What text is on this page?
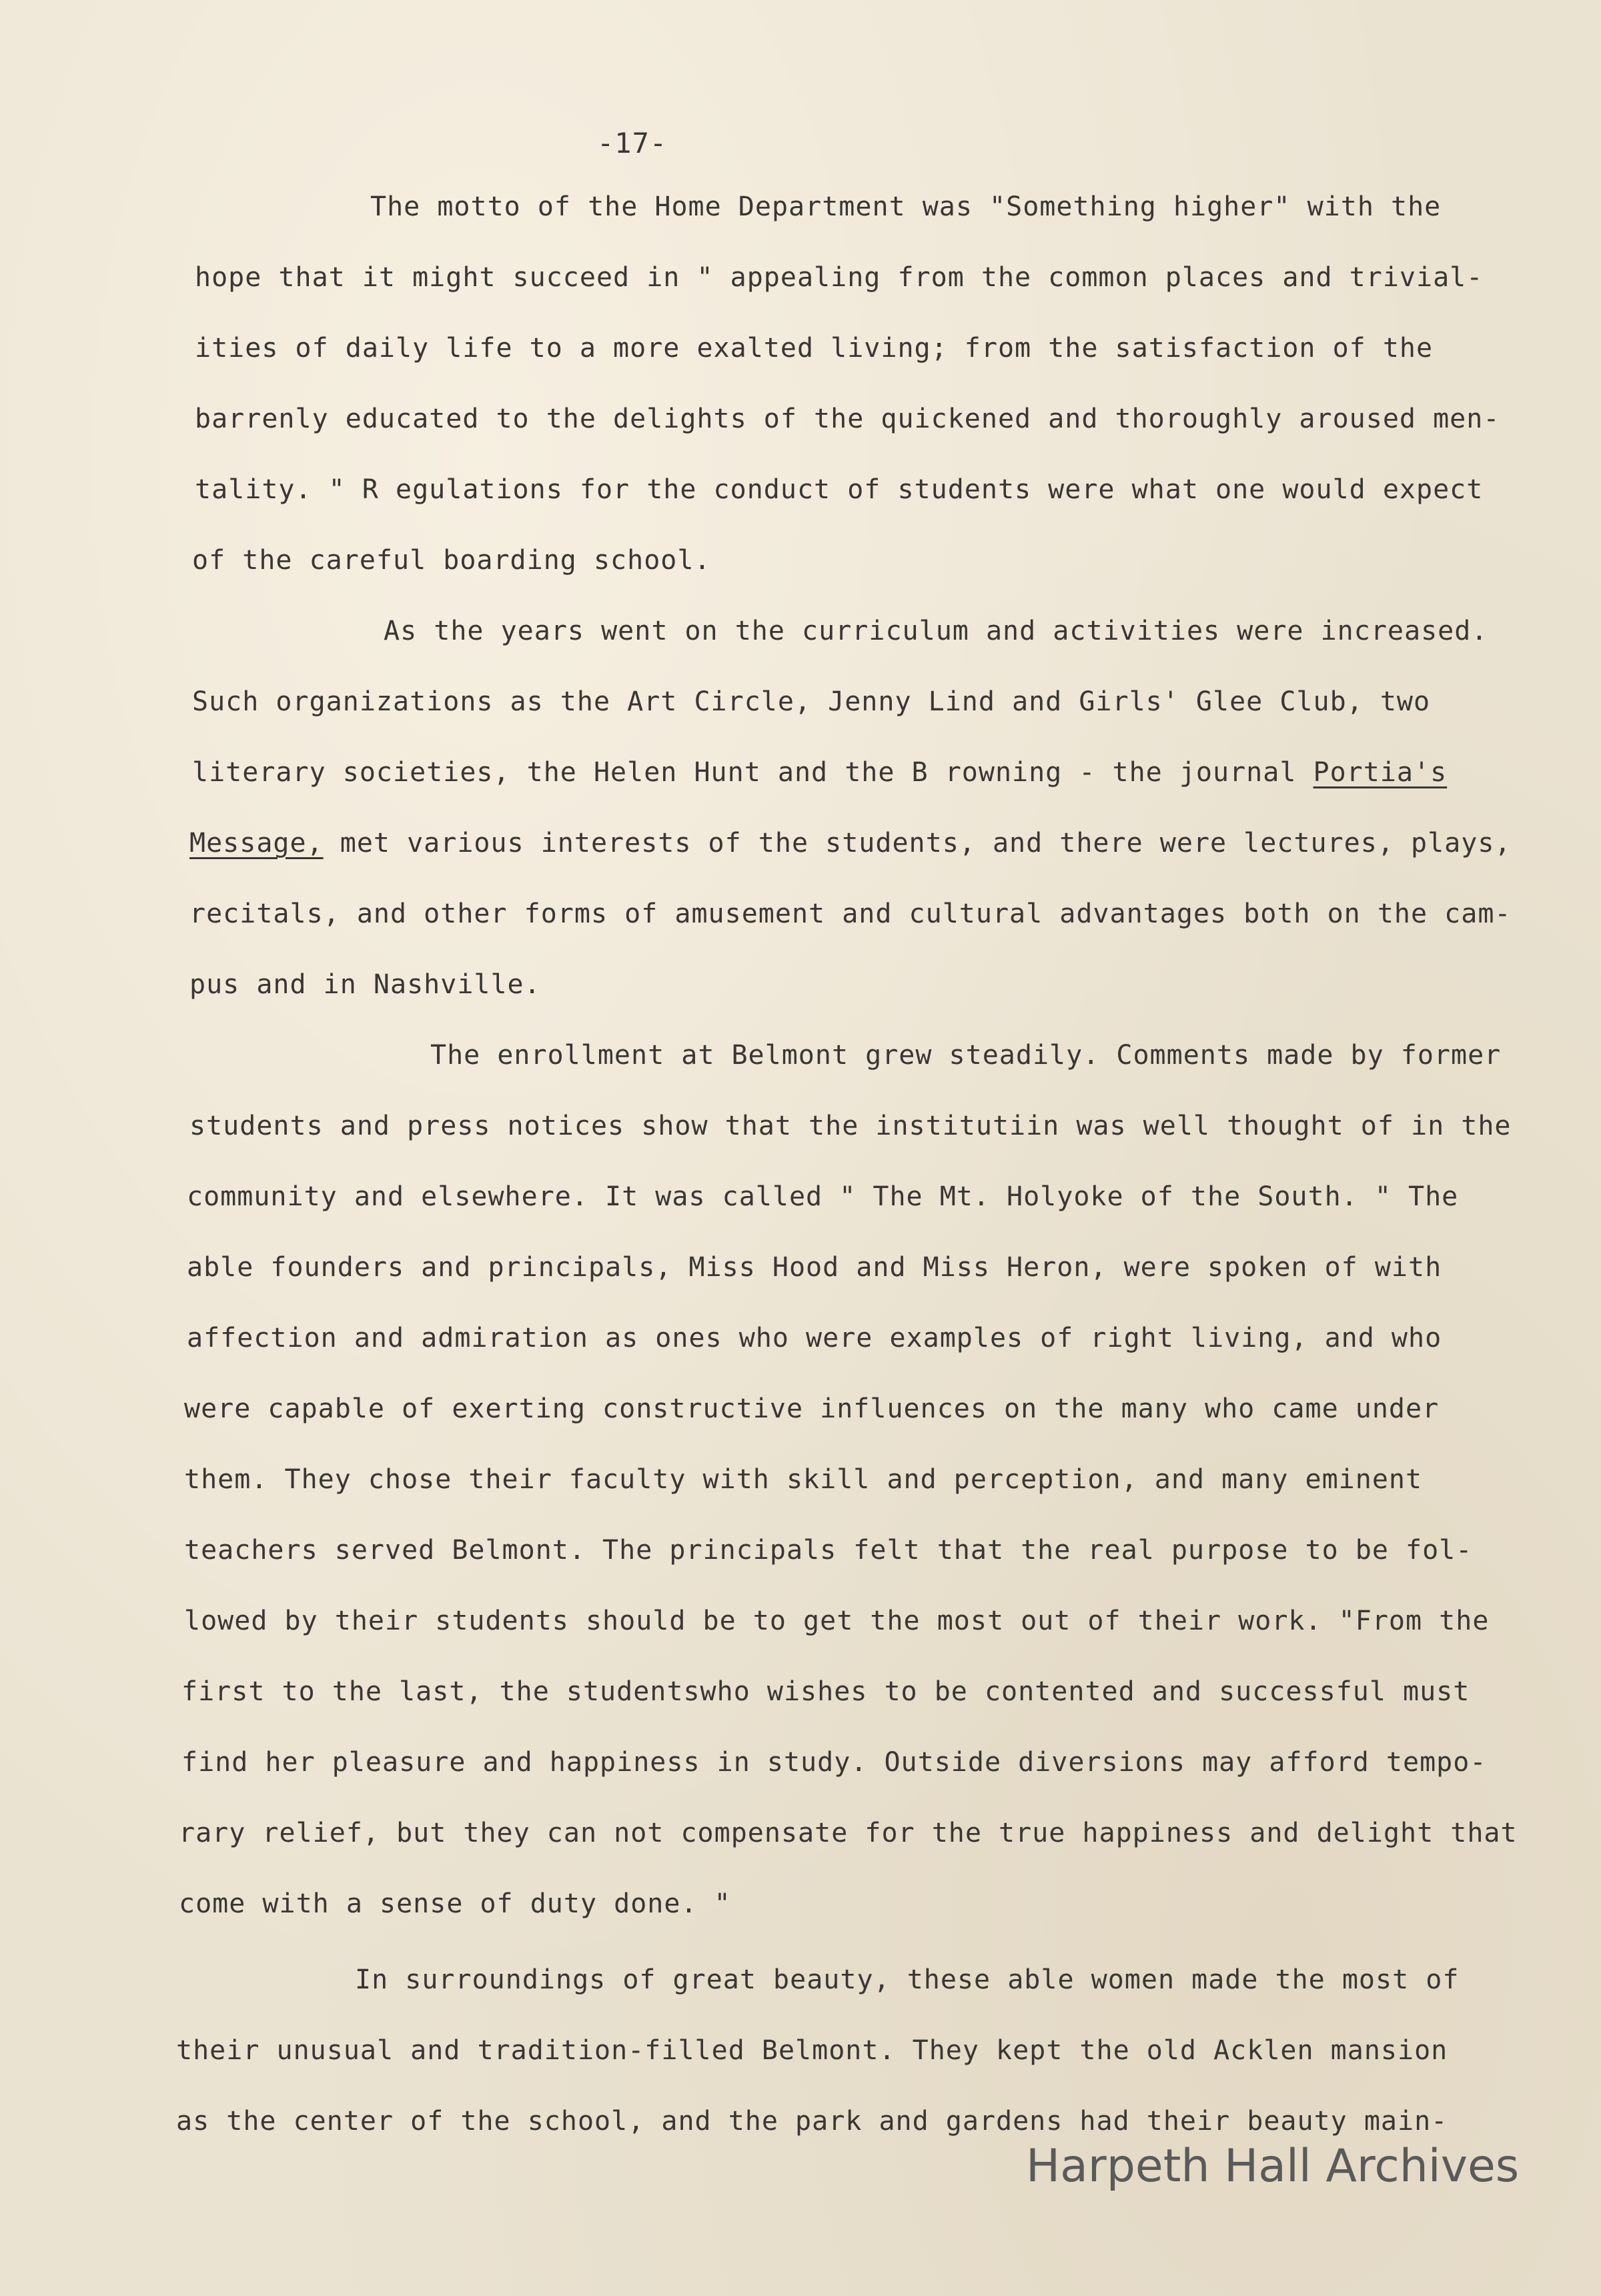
-17-
The motto of the Home Department was "Something higher" with the
hope that it might succeed in " appealing from the common places and trivial-
ities of daily life to a more exalted living; from the satisfaction of the
barrenly educated to the delights of the quickened and thoroughly aroused men-
tality. " R egulations for the conduct of students were what one would expect
of the careful boarding school.
As the years went on the curriculum and activities were increased.
Such organizations as the Art Circle, Jenny Lind and Girls' Glee Club, two
literary societies, the Helen Hunt and the B rowning - the journal Portia's
Message, met various interests of the students, and there were lectures, plays,
recitals, and other forms of amusement and cultural advantages both on the cam-
pus and in Nashville.
The enrollment at Belmont grew steadily. Comments made by former
students and press notices show that the institutiin was well thought of in the
community and elsewhere. It was called " The Mt. Holyoke of the South. " The
able founders and principals, Miss Hood and Miss Heron, were spoken of with
affection and admiration as ones who were examples of right living, and who
were capable of exerting constructive influences on the many who came under
them. They chose their faculty with skill and perception, and many eminent
teachers served Belmont. The principals felt that the real purpose to be fol-
lowed by their students should be to get the most out of their work. "From the
first to the last, the studentswho wishes to be contented and successful must
find her pleasure and happiness in study. Outside diversions may afford tempo-
rary relief, but they can not compensate for the true happiness and delight that
come with a sense of duty done. "
In surroundings of great beauty, these able women made the most of
their unusual and tradition-filled Belmont. They kept the old Acklen mansion
as the center of the school, and the park and gardens had their beauty main-
Harpeth Hall Archives
